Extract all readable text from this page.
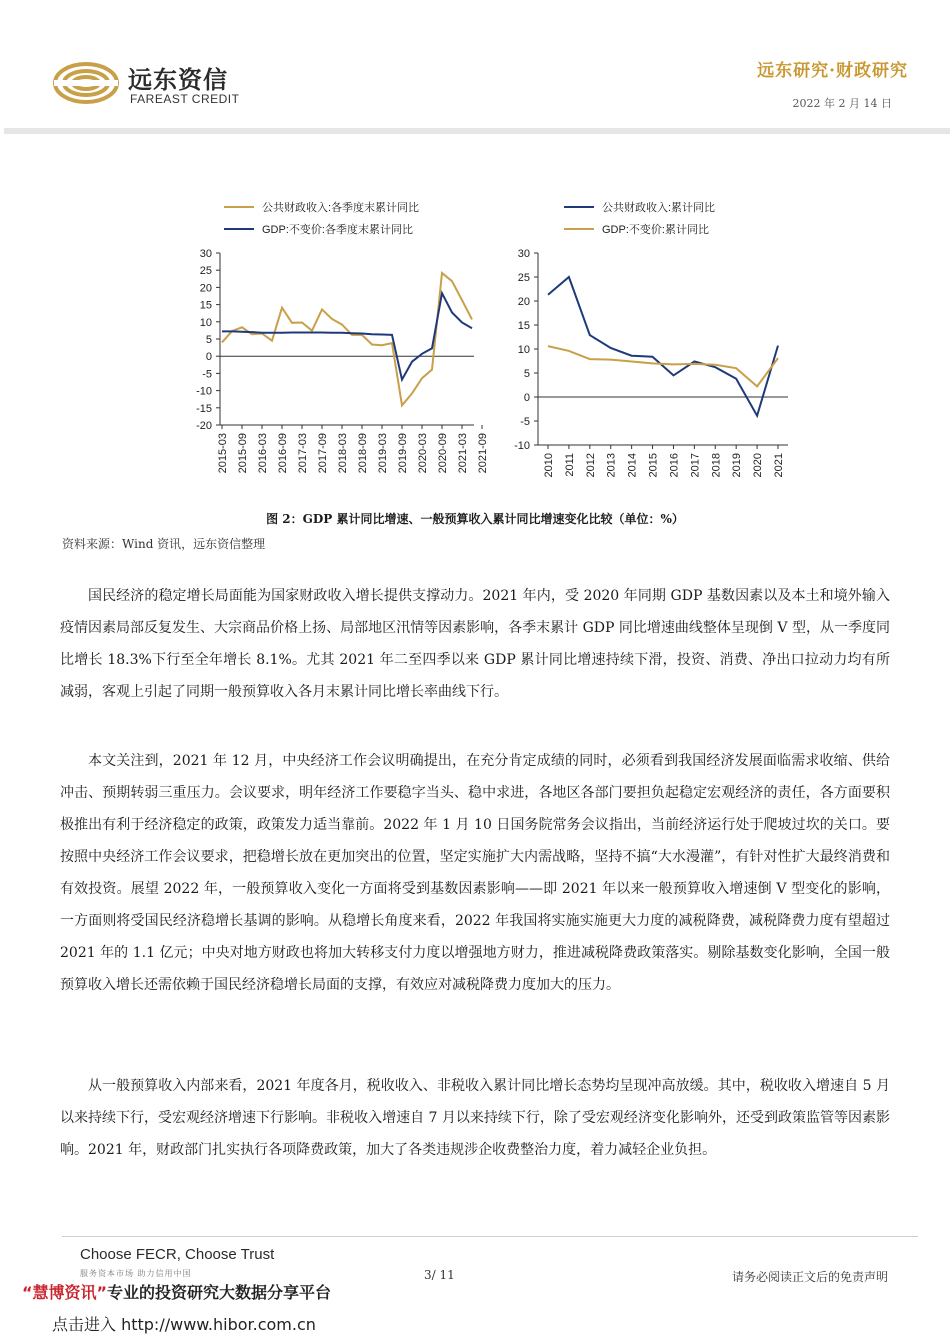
远东资信
FAREAST CREDIT
远东研究·财政研究
2022 年 2 月 14 日
公共财政收入:各季度末累计同比
GDP:不变价:各季度末累计同比
30
25
20
15
10
5
0
-5
-10
-15
-20
2015-03 2015-09 2016-03 2016-09 2017-03 2017-09 2018-03 2018-09 2019-03 2019-09 2020-03 2020-09 2021-03 2021-09
公共财政收入:累计同比
GDP:不变价:累计同比
30
25
20
15
10
5
0
-5
-10
2010 2011 2012 2013 2014 2015 2016 2017 2018 2019 2020 2021
图 2：GDP 累计同比增速、一般预算收入累计同比增速变化比较（单位：%）
资料来源：Wind 资讯，远东资信整理

国民经济的稳定增长局面能为国家财政收入增长提供支撑动力。2021 年内，受 2020 年同期 GDP 基数因素以及本土和境外输入疫情因素局部反复发生、大宗商品价格上扬、局部地区汛情等因素影响，各季末累计 GDP 同比增速曲线整体呈现倒 V 型，从一季度同比增长 18.3%下行至全年增长 8.1%。尤其 2021 年二至四季以来 GDP 累计同比增速持续下滑，投资、消费、净出口拉动力均有所减弱，客观上引起了同期一般预算收入各月末累计同比增长率曲线下行。

本文关注到，2021 年 12 月，中央经济工作会议明确提出，在充分肯定成绩的同时，必须看到我国经济发展面临需求收缩、供给冲击、预期转弱三重压力。会议要求，明年经济工作要稳字当头、稳中求进，各地区各部门要担负起稳定宏观经济的责任，各方面要积极推出有利于经济稳定的政策，政策发力适当靠前。2022 年 1 月 10 日国务院常务会议指出，当前经济运行处于爬坡过坎的关口。要按照中央经济工作会议要求，把稳增长放在更加突出的位置，坚定实施扩大内需战略，坚持不搞“大水漫灌”，有针对性扩大最终消费和有效投资。展望 2022 年，一般预算收入变化一方面将受到基数因素影响——即 2021 年以来一般预算收入增速倒 V 型变化的影响，一方面则将受国民经济稳增长基调的影响。从稳增长角度来看，2022 年我国将实施实施更大力度的减税降费，减税降费力度有望超过 2021 年的 1.1 亿元；中央对地方财政也将加大转移支付力度以增强地方财力，推进减税降费政策落实。剔除基数变化影响，全国一般预算收入增长还需依赖于国民经济稳增长局面的支撑，有效应对减税降费力度加大的压力。

从一般预算收入内部来看，2021 年度各月，税收收入、非税收入累计同比增长态势均呈现冲高放缓。其中，税收收入增速自 5 月以来持续下行，受宏观经济增速下行影响。非税收入增速自 7 月以来持续下行，除了受宏观经济变化影响外，还受到政策监管等因素影响。2021 年，财政部门扎实执行各项降费政策，加大了各类违规涉企收费整治力度，着力减轻企业负担。

Choose FECR, Choose Trust
服务资本市场 助力信用中国	3/ 11	请务必阅读正文后的免责声明
“慧博资讯”专业的投资研究大数据分享平台
点击进入 http://www.hibor.com.cn
